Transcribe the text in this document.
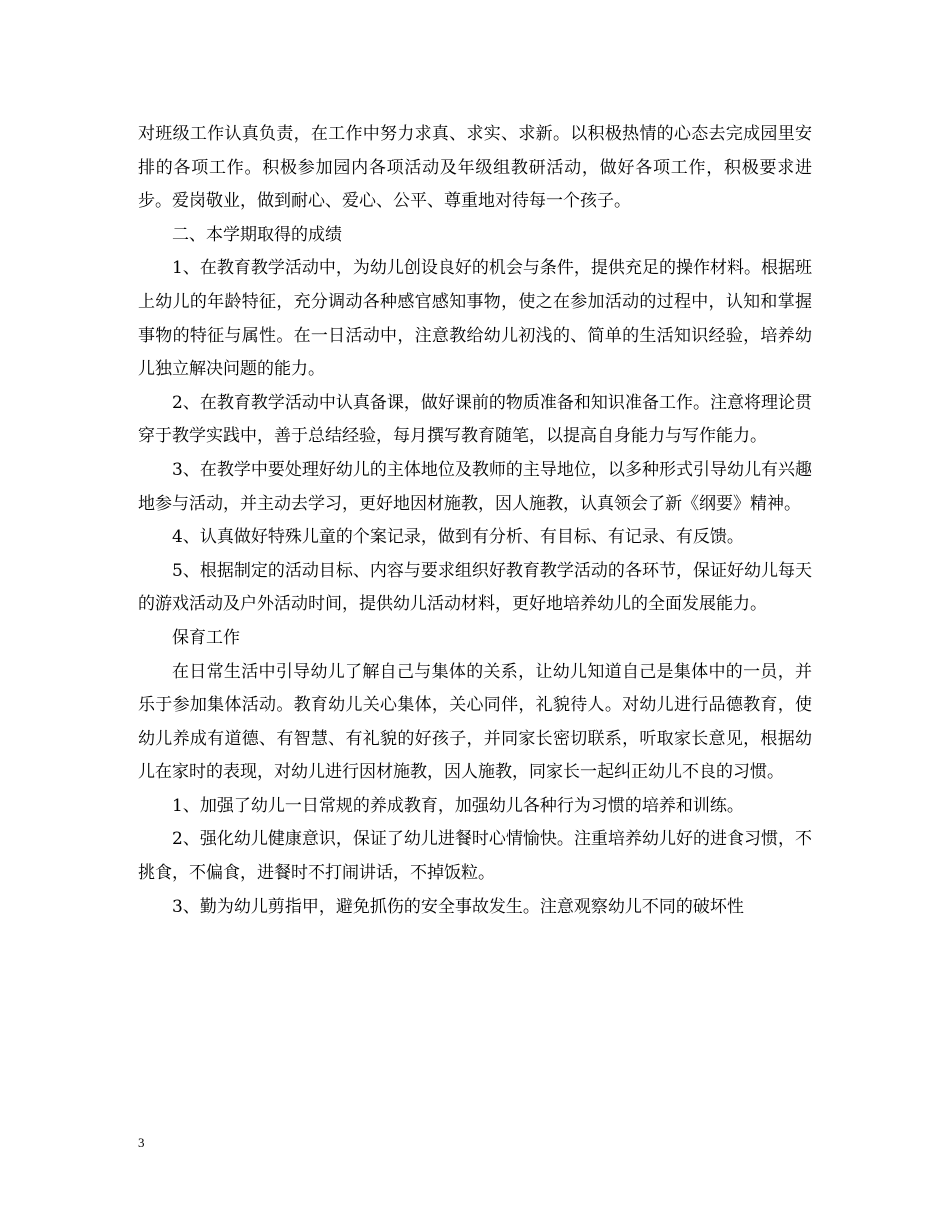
对班级工作认真负责，在工作中努力求真、求实、求新。以积极热情的心态去完成园里安排的各项工作。积极参加园内各项活动及年级组教研活动，做好各项工作，积极要求进步。爱岗敬业，做到耐心、爱心、公平、尊重地对待每一个孩子。

二、本学期取得的成绩

1、在教育教学活动中，为幼儿创设良好的机会与条件，提供充足的操作材料。根据班上幼儿的年龄特征，充分调动各种感官感知事物，使之在参加活动的过程中，认知和掌握事物的特征与属性。在一日活动中，注意教给幼儿初浅的、简单的生活知识经验，培养幼儿独立解决问题的能力。

2、在教育教学活动中认真备课，做好课前的物质准备和知识准备工作。注意将理论贯穿于教学实践中，善于总结经验，每月撰写教育随笔，以提高自身能力与写作能力。

3、在教学中要处理好幼儿的主体地位及教师的主导地位，以多种形式引导幼儿有兴趣地参与活动，并主动去学习，更好地因材施教，因人施教，认真领会了新《纲要》精神。

4、认真做好特殊儿童的个案记录，做到有分析、有目标、有记录、有反馈。

5、根据制定的活动目标、内容与要求组织好教育教学活动的各环节，保证好幼儿每天的游戏活动及户外活动时间，提供幼儿活动材料，更好地培养幼儿的全面发展能力。

保育工作

在日常生活中引导幼儿了解自己与集体的关系，让幼儿知道自己是集体中的一员，并乐于参加集体活动。教育幼儿关心集体，关心同伴，礼貌待人。对幼儿进行品德教育，使幼儿养成有道德、有智慧、有礼貌的好孩子，并同家长密切联系，听取家长意见，根据幼儿在家时的表现，对幼儿进行因材施教，因人施教，同家长一起纠正幼儿不良的习惯。

1、加强了幼儿一日常规的养成教育，加强幼儿各种行为习惯的培养和训练。

2、强化幼儿健康意识，保证了幼儿进餐时心情愉快。注重培养幼儿好的进食习惯，不挑食，不偏食，进餐时不打闹讲话，不掉饭粒。

3、勤为幼儿剪指甲，避免抓伤的安全事故发生。注意观察幼儿不同的破坏性

3
